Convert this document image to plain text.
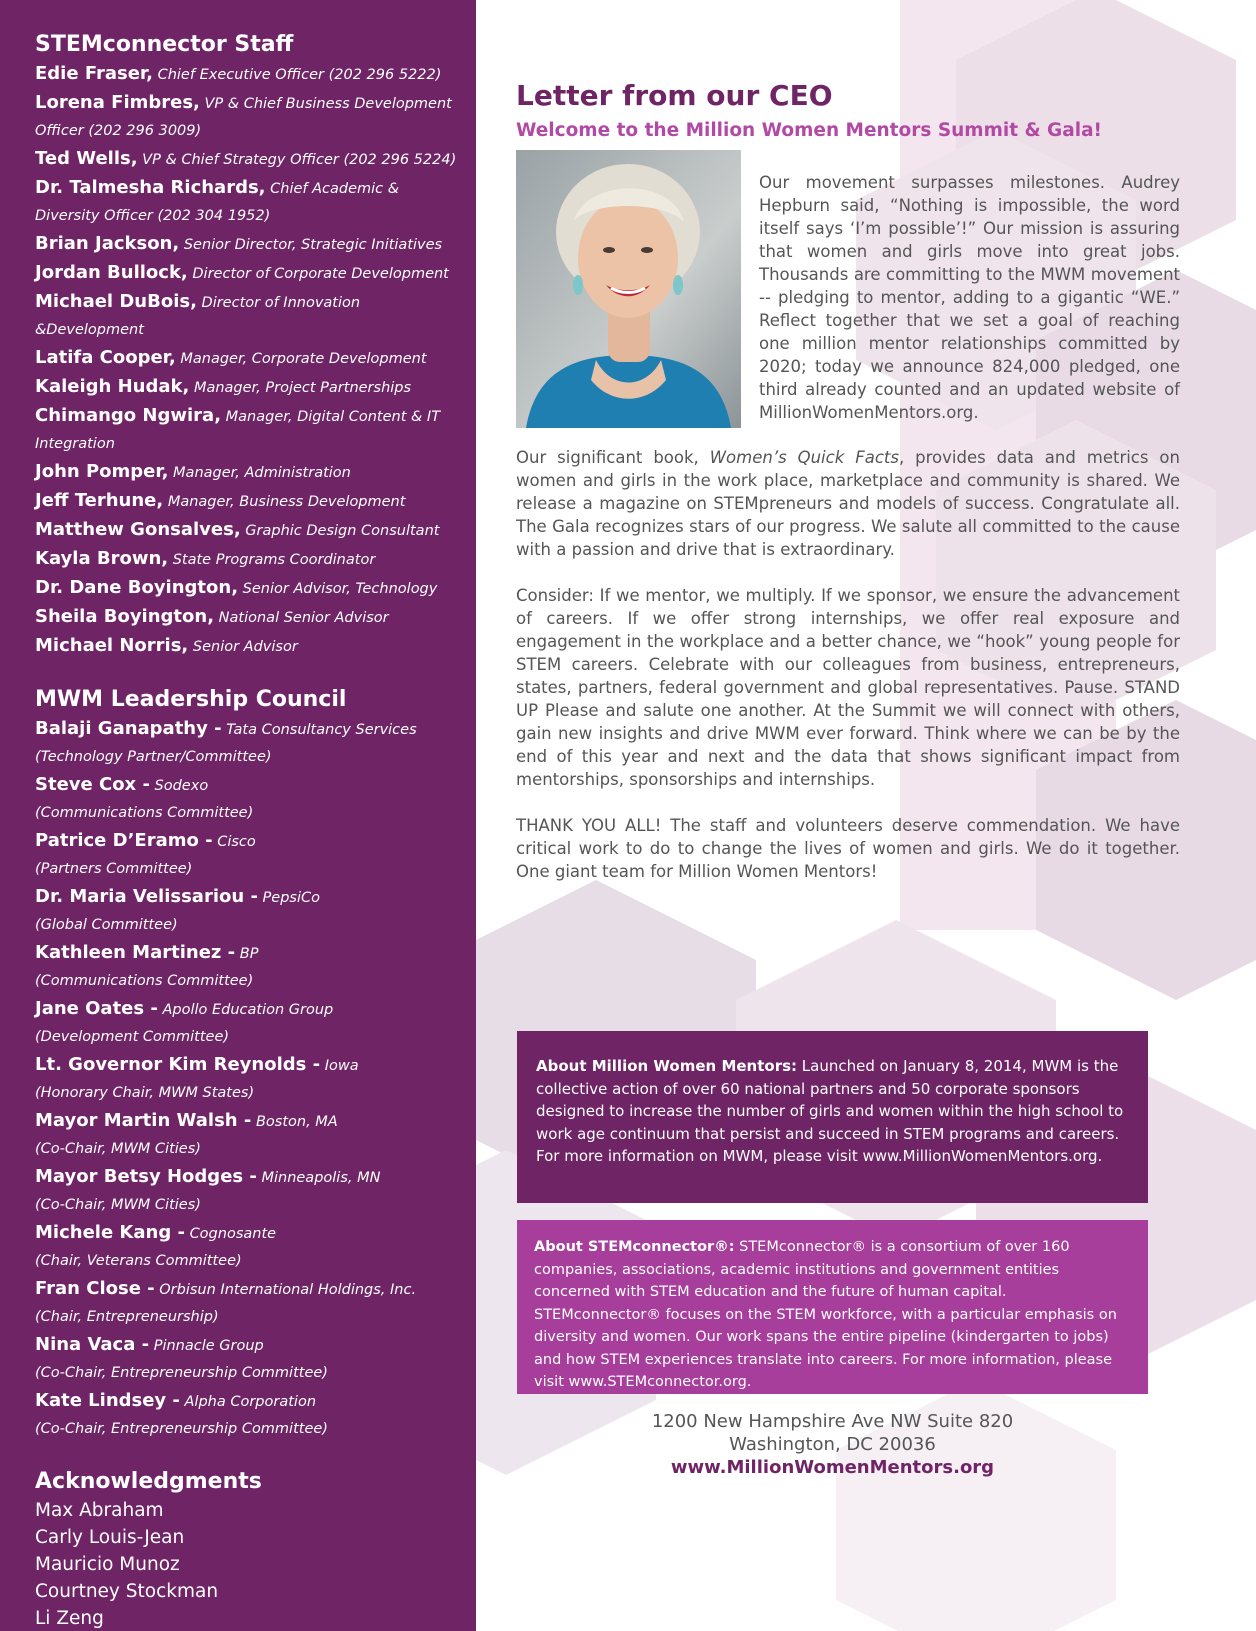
STEMconnector Staff
Edie Fraser, Chief Executive Officer (202 296 5222)
Lorena Fimbres, VP & Chief Business Development Officer (202 296 3009)
Ted Wells, VP & Chief Strategy Officer (202 296 5224)
Dr. Talmesha Richards, Chief Academic & Diversity Officer (202 304 1952)
Brian Jackson, Senior Director, Strategic Initiatives
Jordan Bullock, Director of Corporate Development
Michael DuBois, Director of Innovation &Development
Latifa Cooper, Manager, Corporate Development
Kaleigh Hudak, Manager, Project Partnerships
Chimango Ngwira, Manager, Digital Content & IT Integration
John Pomper, Manager, Administration
Jeff Terhune, Manager, Business Development
Matthew Gonsalves, Graphic Design Consultant
Kayla Brown, State Programs Coordinator
Dr. Dane Boyington, Senior Advisor, Technology
Sheila Boyington, National Senior Advisor
Michael Norris, Senior Advisor
MWM Leadership Council
Balaji Ganapathy - Tata Consultancy Services
(Technology Partner/Committee)
Steve Cox - Sodexo
(Communications Committee)
Patrice D’Eramo - Cisco
(Partners Committee)
Dr. Maria Velissariou - PepsiCo
(Global Committee)
Kathleen Martinez - BP
(Communications Committee)
Jane Oates - Apollo Education Group
(Development Committee)
Lt. Governor Kim Reynolds - Iowa
(Honorary Chair, MWM States)
Mayor Martin Walsh - Boston, MA
(Co-Chair, MWM Cities)
Mayor Betsy Hodges - Minneapolis, MN
(Co-Chair, MWM Cities)
Michele Kang - Cognosante
(Chair, Veterans Committee)
Fran Close - Orbisun International Holdings, Inc.
(Chair, Entrepreneurship)
Nina Vaca - Pinnacle Group
(Co-Chair, Entrepreneurship Committee)
Kate Lindsey - Alpha Corporation
(Co-Chair, Entrepreneurship Committee)
Acknowledgments
Max Abraham
Carly Louis-Jean
Mauricio Munoz
Courtney Stockman
Li Zeng
Letter from our CEO
Welcome to the Million Women Mentors Summit & Gala!
Our movement surpasses milestones. Audrey Hepburn said, “Nothing is impossible, the word itself says ‘I’m possible’!” Our mission is assuring that women and girls move into great jobs. Thousands are committing to the MWM movement -- pledging to mentor, adding to a gigantic “WE.” Reflect together that we set a goal of reaching one million mentor relationships committed by 2020; today we announce 824,000 pledged, one third already counted and an updated website of MillionWomenMentors.org.
Our significant book, Women’s Quick Facts, provides data and metrics on women and girls in the work place, marketplace and community is shared. We release a magazine on STEMpreneurs and models of success. Congratulate all. The Gala recognizes stars of our progress. We salute all committed to the cause with a passion and drive that is extraordinary.
Consider: If we mentor, we multiply. If we sponsor, we ensure the advancement of careers. If we offer strong internships, we offer real exposure and engagement in the workplace and a better chance, we “hook” young people for STEM careers. Celebrate with our colleagues from business, entrepreneurs, states, partners, federal government and global representatives. Pause. STAND UP Please and salute one another. At the Summit we will connect with others, gain new insights and drive MWM ever forward. Think where we can be by the end of this year and next and the data that shows significant impact from mentorships, sponsorships and internships.
THANK YOU ALL! The staff and volunteers deserve commendation. We have critical work to do to change the lives of women and girls. We do it together. One giant team for Million Women Mentors!
About Million Women Mentors: Launched on January 8, 2014, MWM is the collective action of over 60 national partners and 50 corporate sponsors designed to increase the number of girls and women within the high school to work age continuum that persist and succeed in STEM programs and careers. For more information on MWM, please visit www.MillionWomenMentors.org.
About STEMconnector®: STEMconnector® is a consortium of over 160 companies, associations, academic institutions and government entities concerned with STEM education and the future of human capital. STEMconnector® focuses on the STEM workforce, with a particular emphasis on diversity and women. Our work spans the entire pipeline (kindergarten to jobs) and how STEM experiences translate into careers. For more information, please visit www.STEMconnector.org.
1200 New Hampshire Ave NW Suite 820
Washington, DC 20036
www.MillionWomenMentors.org
